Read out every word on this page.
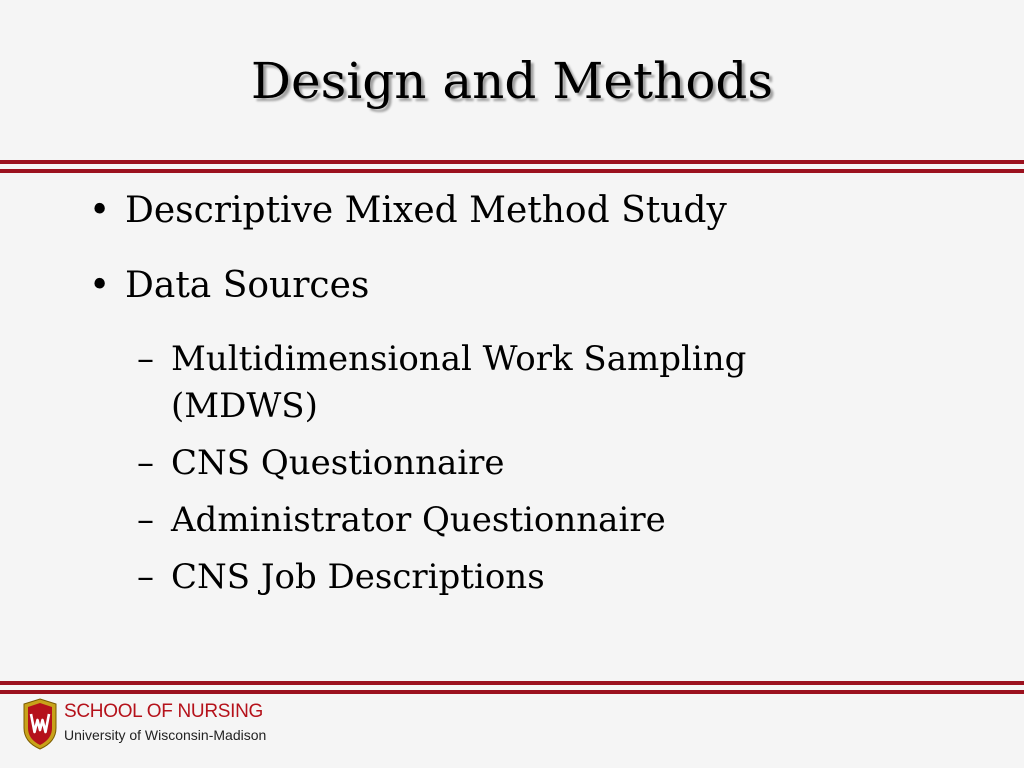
Design and Methods
• Descriptive Mixed Method Study
• Data Sources
– Multidimensional Work Sampling
(MDWS)
– CNS Questionnaire
– Administrator Questionnaire
– CNS Job Descriptions
SCHOOL OF NURSING
University of Wisconsin-Madison
